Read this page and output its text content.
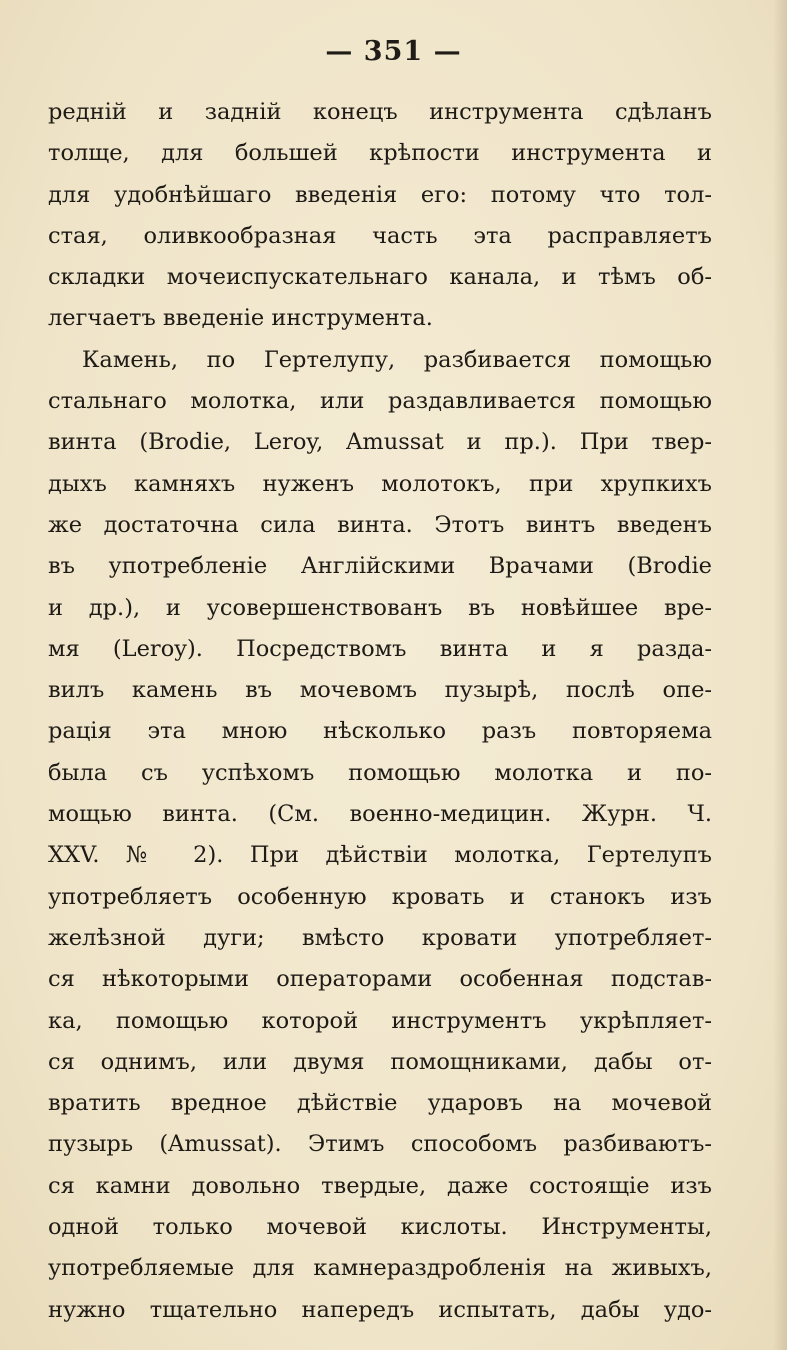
— 351 —
редній и задній конецъ инструмента сдѣланъ
толще, для большей крѣпости инструмента и
для удобнѣйшаго введенія его: потому что тол-
стая, оливкообразная часть эта расправляетъ
складки мочеиспускательнаго канала, и тѣмъ об-
легчаетъ введеніе инструмента.
Камень, по Гертелупу, разбивается помощью
стальнаго молотка, или раздавливается помощью
винта (Brodie, Leroy, Amussat и пр.). При твер-
дыхъ камняхъ нуженъ молотокъ, при хрупкихъ
же достаточна сила винта. Этотъ винтъ введенъ
въ употребленіе Англійскими Врачами (Brodie
и др.), и усовершенствованъ въ новѣйшее вре-
мя (Leroy). Посредствомъ винта и я разда-
вилъ камень въ мочевомъ пузырѣ, послѣ опе-
рація эта мною нѣсколько разъ повторяема
была съ успѣхомъ помощью молотка и по-
мощью винта. (См. военно-медицин. Журн. Ч.
XXV. № 2). При дѣйствіи молотка, Гертелупъ
употребляетъ особенную кровать и станокъ изъ
желѣзной дуги; вмѣсто кровати употребляет-
ся нѣкоторыми операторами особенная подстав-
ка, помощью которой инструментъ укрѣпляет-
ся однимъ, или двумя помощниками, дабы от-
вратить вредное дѣйствіе ударовъ на мочевой
пузырь (Amussat). Этимъ способомъ разбиваютъ-
ся камни довольно твердые, даже состоящіе изъ
одной только мочевой кислоты. Инструменты,
употребляемые для камнераздробленія на живыхъ,
нужно тщательно напередъ испытать, дабы удо-
